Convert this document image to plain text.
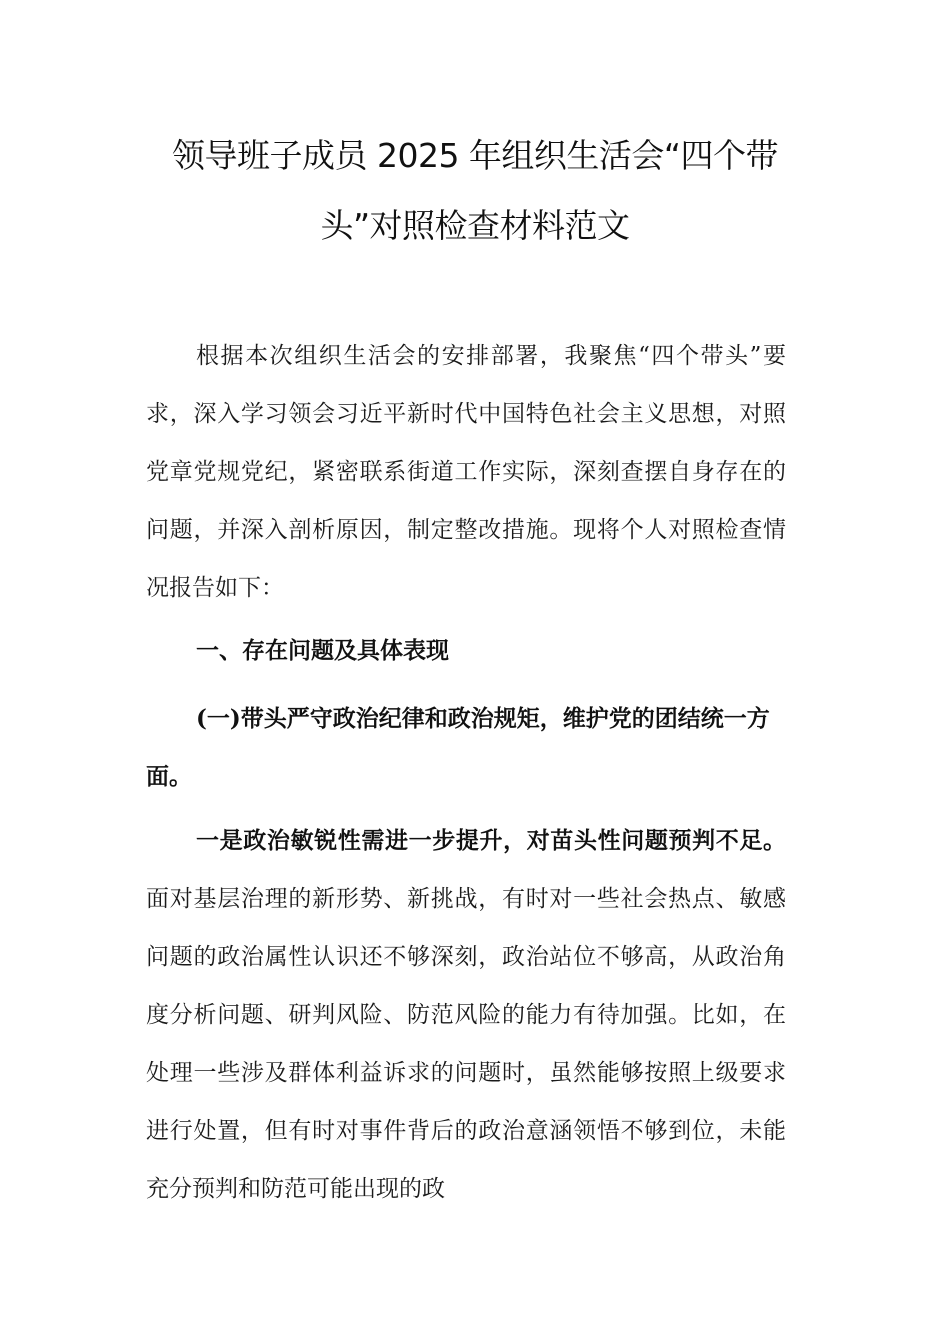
领导班子成员 2025 年组织生活会“四个带
头”对照检查材料范文
根据本次组织生活会的安排部署，我聚焦“四个带头”要求，深入学习领会习近平新时代中国特色社会主义思想，对照党章党规党纪，紧密联系街道工作实际，深刻查摆自身存在的问题，并深入剖析原因，制定整改措施。现将个人对照检查情况报告如下：
一、存在问题及具体表现
(一)带头严守政治纪律和政治规矩，维护党的团结统一方面。
一是政治敏锐性需进一步提升，对苗头性问题预判不足。面对基层治理的新形势、新挑战，有时对一些社会热点、敏感问题的政治属性认识还不够深刻，政治站位不够高，从政治角度分析问题、研判风险、防范风险的能力有待加强。比如，在处理一些涉及群体利益诉求的问题时，虽然能够按照上级要求进行处置，但有时对事件背后的政治意涵领悟不够到位，未能充分预判和防范可能出现的政
